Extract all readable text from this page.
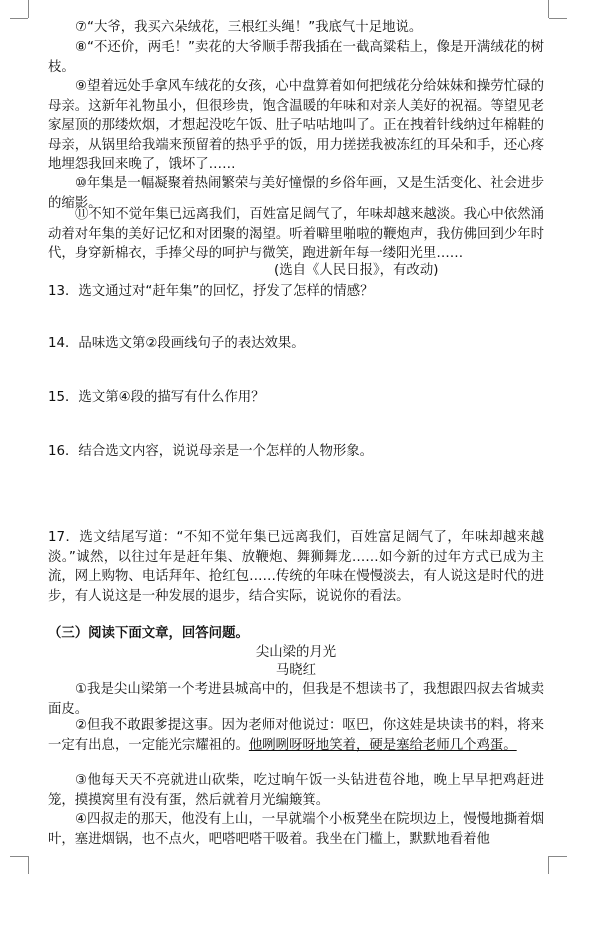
⑦“大爷，我买六朵绒花，三根红头绳！”我底气十足地说。

⑧“不还价，两毛！”卖花的大爷顺手帮我插在一截高粱秸上，像是开满绒花的树枝。

⑨望着远处手拿风车绒花的女孩，心中盘算着如何把绒花分给妹妹和操劳忙碌的母亲。这新年礼物虽小，但很珍贵，饱含温暖的年味和对亲人美好的祝福。等望见老家屋顶的那缕炊烟，才想起没吃午饭、肚子咕咕地叫了。正在拽着针线纳过年棉鞋的母亲，从锅里给我端来预留着的热乎乎的饭，用力搓搓我被冻红的耳朵和手，还心疼地埋怨我回来晚了，饿坏了……

⑩年集是一幅凝聚着热闹繁荣与美好憧憬的乡俗年画，又是生活变化、社会进步的缩影。

⑪不知不觉年集已远离我们，百姓富足阔气了，年味却越来越淡。我心中依然涌动着对年集的美好记忆和对团聚的渴望。听着噼里啪啦的鞭炮声，我仿佛回到少年时代，身穿新棉衣，手捧父母的呵护与微笑，跑进新年每一缕阳光里……

(选自《人民日报》，有改动)

13．选文通过对“赶年集”的回忆，抒发了怎样的情感？

14．品味选文第②段画线句子的表达效果。

15．选文第④段的描写有什么作用？

16．结合选文内容，说说母亲是一个怎样的人物形象。

17．选文结尾写道：“不知不觉年集已远离我们，百姓富足阔气了，年味却越来越淡。”诚然，以往过年是赶年集、放鞭炮、舞狮舞龙……如今新的过年方式已成为主流，网上购物、电话拜年、抢红包……传统的年味在慢慢淡去，有人说这是时代的进步，有人说这是一种发展的退步，结合实际，说说你的看法。

（三）阅读下面文章，回答问题。

尖山梁的月光

马晓红

①我是尖山梁第一个考进县城高中的，但我是不想读书了，我想跟四叔去省城卖面皮。

②但我不敢跟爹提这事。因为老师对他说过：呕巴，你这娃是块读书的料，将来一定有出息，一定能光宗耀祖的。他咧咧呀呀地笑着，硬是塞给老师几个鸡蛋。

③他每天天不亮就进山砍柴，吃过晌午饭一头钻进苞谷地，晚上早早把鸡赶进笼，摸摸窝里有没有蛋，然后就着月光编簸箕。

④四叔走的那天，他没有上山，一早就端个小板凳坐在院坝边上，慢慢地撕着烟叶，塞进烟锅，也不点火，吧嗒吧嗒干吸着。我坐在门槛上，默默地看着他
